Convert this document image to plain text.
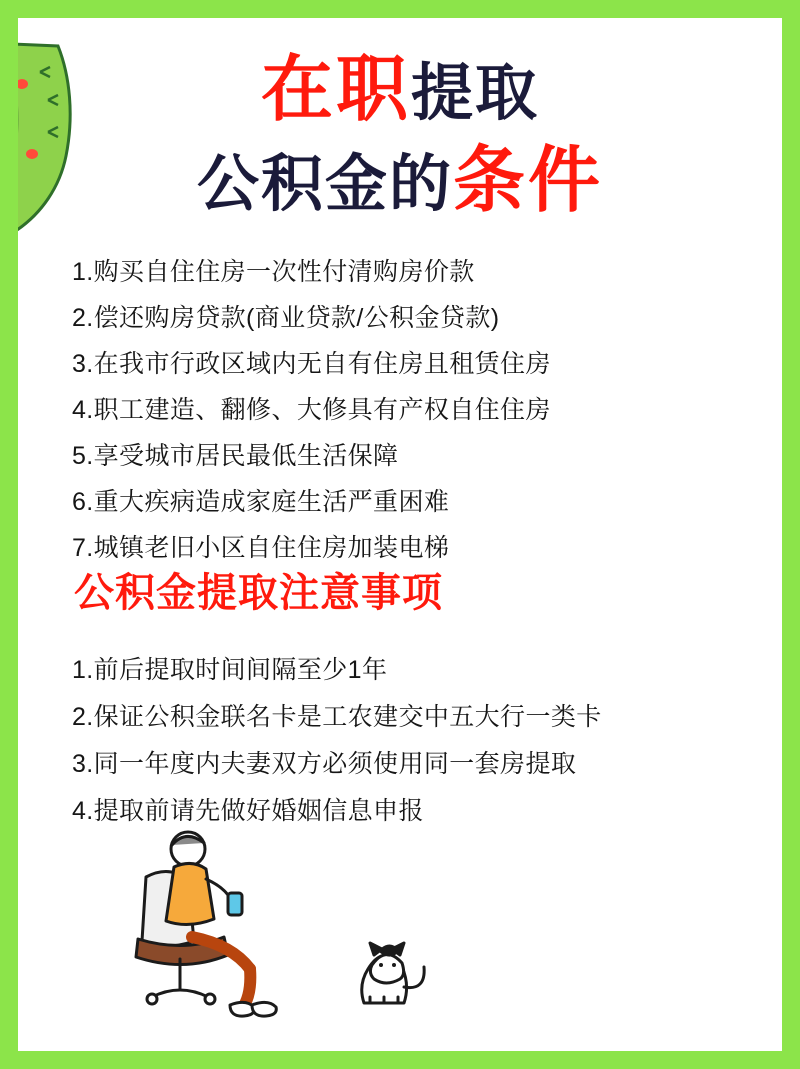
在职提取
公积金的条件
1.购买自住住房一次性付清购房价款
2.偿还购房贷款(商业贷款/公积金贷款)
3.在我市行政区域内无自有住房且租赁住房
4.职工建造、翻修、大修具有产权自住住房
5.享受城市居民最低生活保障
6.重大疾病造成家庭生活严重困难
7.城镇老旧小区自住住房加装电梯
公积金提取注意事项
1.前后提取时间间隔至少1年
2.保证公积金联名卡是工农建交中五大行一类卡
3.同一年度内夫妻双方必须使用同一套房提取
4.提取前请先做好婚姻信息申报
